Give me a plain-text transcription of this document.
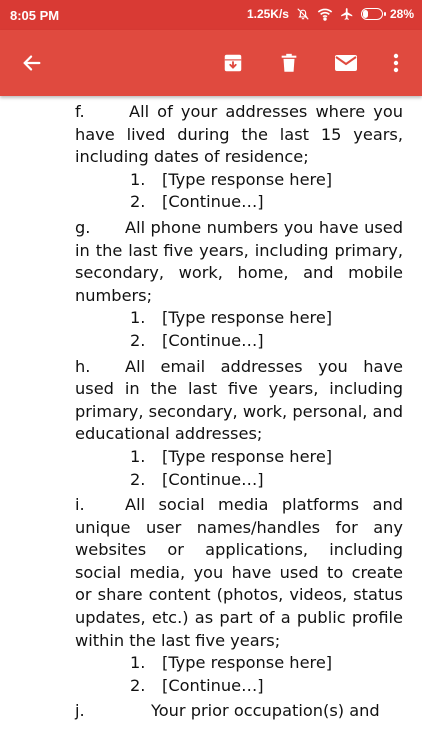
8:05 PM	1.25K/s	28%

f.	All of your addresses where you have lived during the last 15 years, including dates of residence;

1. [Type response here]

2. [Continue…]

g. All phone numbers you have used in the last five years, including primary, secondary, work, home, and mobile numbers;

1. [Type response here]

2. [Continue…]

h. All email addresses you have used in the last five years, including primary, secondary, work, personal, and educational addresses;

1. [Type response here]

2. [Continue…]

i. All social media platforms and unique user names/handles for any websites or applications, including social media, you have used to create or share content (photos, videos, status updates, etc.) as part of a public profile within the last five years;

1. [Type response here]

2. [Continue…]

j.	Your prior occupation(s) and
